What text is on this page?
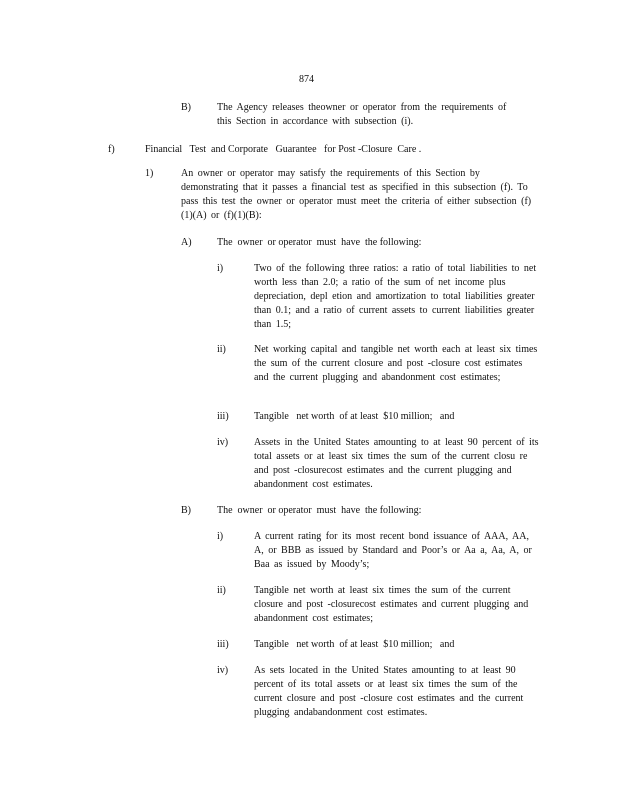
874
B)	The Agency releases theowner or operator from the requirements of this Section in accordance with subsection (i).
f)	Financial   Test  and Corporate   Guarantee   for Post -Closure  Care .
1)	An owner or operator may satisfy the requirements of this Section by demonstrating that it passes a financial test as specified in this subsection (f). To pass this test the owner or operator must meet the criteria of either subsection (f)(1)(A) or (f)(1)(B):
A)	The  owner  or operator  must  have  the following:
i)	Two of the following three ratios: a ratio of total liabilities to net worth less than 2.0; a ratio of the sum of net income plus depreciation, depl etion and amortization to total liabilities greater than 0.1; and a ratio of current assets to current liabilities greater than 1.5;
ii)	Net working capital and tangible net worth each at least six times the sum of the current closure and post -closure cost estimates and the current plugging and abandonment cost estimates;
iii)	Tangible   net worth  of at least  $10 million;   and
iv)	Assets in the United States amounting to at least 90 percent of its total assets or at least six times the sum of the current closu re and post -closurecost estimates and the current plugging and abandonment cost estimates.
B)	The  owner  or operator  must  have  the following:
i)	A current rating for its most recent bond issuance of AAA, AA, A, or BBB as issued by Standard and Poor’s or Aa a, Aa, A, or Baa as issued by Moody’s;
ii)	Tangible net worth at least six times the sum of the current closure and post -closurecost estimates and current plugging and abandonment cost estimates;
iii)	Tangible   net worth  of at least  $10 million;   and
iv)	As sets located in the United States amounting to at least 90 percent of its total assets or at least six times the sum of the current closure and post -closure cost estimates and the current plugging andabandonment cost estimates.
